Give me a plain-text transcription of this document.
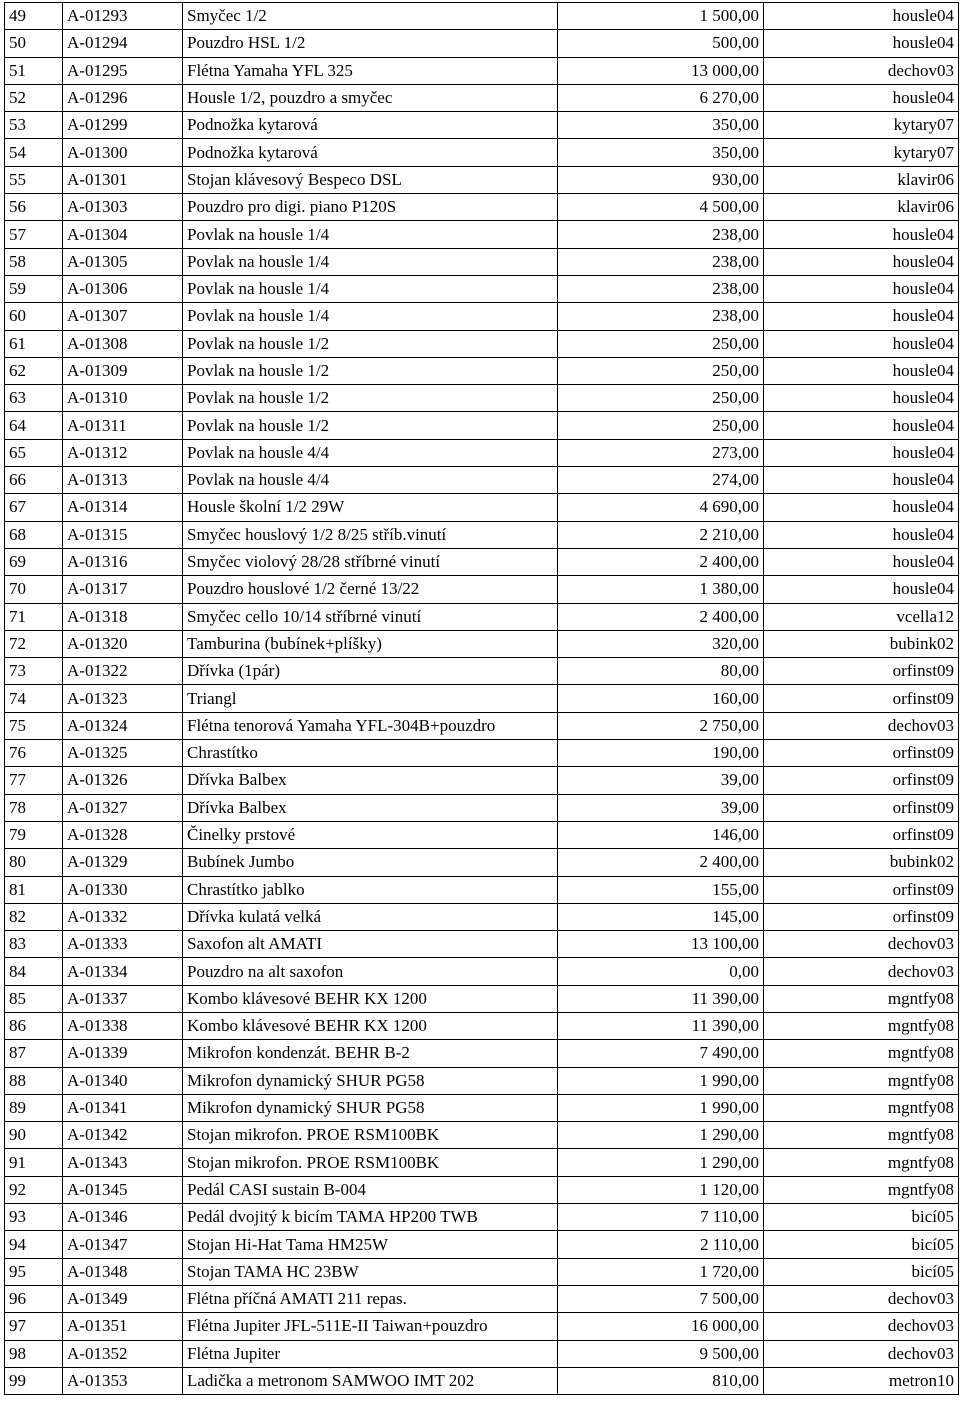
49	A-01293	Smyčec 1/2	1 500,00	housle04
50	A-01294	Pouzdro HSL 1/2	500,00	housle04
51	A-01295	Flétna Yamaha YFL 325	13 000,00	dechov03
52	A-01296	Housle 1/2, pouzdro a smyčec	6 270,00	housle04
53	A-01299	Podnožka kytarová	350,00	kytary07
54	A-01300	Podnožka kytarová	350,00	kytary07
55	A-01301	Stojan klávesový Bespeco DSL	930,00	klavir06
56	A-01303	Pouzdro pro digi. piano P120S	4 500,00	klavir06
57	A-01304	Povlak na housle 1/4	238,00	housle04
58	A-01305	Povlak na housle 1/4	238,00	housle04
59	A-01306	Povlak na housle 1/4	238,00	housle04
60	A-01307	Povlak na housle 1/4	238,00	housle04
61	A-01308	Povlak na housle 1/2	250,00	housle04
62	A-01309	Povlak na housle 1/2	250,00	housle04
63	A-01310	Povlak na housle 1/2	250,00	housle04
64	A-01311	Povlak na housle 1/2	250,00	housle04
65	A-01312	Povlak na housle 4/4	273,00	housle04
66	A-01313	Povlak na housle 4/4	274,00	housle04
67	A-01314	Housle školní 1/2 29W	4 690,00	housle04
68	A-01315	Smyčec houslový 1/2 8/25 stříb.vinutí	2 210,00	housle04
69	A-01316	Smyčec violový 28/28 stříbrné vinutí	2 400,00	housle04
70	A-01317	Pouzdro houslové 1/2 černé 13/22	1 380,00	housle04
71	A-01318	Smyčec cello 10/14 stříbrné vinutí	2 400,00	vcella12
72	A-01320	Tamburina (bubínek+plíšky)	320,00	bubink02
73	A-01322	Dřívka (1pár)	80,00	orfinst09
74	A-01323	Triangl	160,00	orfinst09
75	A-01324	Flétna tenorová Yamaha YFL-304B+pouzdro	2 750,00	dechov03
76	A-01325	Chrastítko	190,00	orfinst09
77	A-01326	Dřívka Balbex	39,00	orfinst09
78	A-01327	Dřívka Balbex	39,00	orfinst09
79	A-01328	Činelky prstové	146,00	orfinst09
80	A-01329	Bubínek Jumbo	2 400,00	bubink02
81	A-01330	Chrastítko jablko	155,00	orfinst09
82	A-01332	Dřívka kulatá velká	145,00	orfinst09
83	A-01333	Saxofon alt AMATI	13 100,00	dechov03
84	A-01334	Pouzdro na alt saxofon	0,00	dechov03
85	A-01337	Kombo klávesové BEHR KX 1200	11 390,00	mgntfy08
86	A-01338	Kombo klávesové BEHR KX 1200	11 390,00	mgntfy08
87	A-01339	Mikrofon kondenzát. BEHR B-2	7 490,00	mgntfy08
88	A-01340	Mikrofon dynamický SHUR PG58	1 990,00	mgntfy08
89	A-01341	Mikrofon dynamický SHUR PG58	1 990,00	mgntfy08
90	A-01342	Stojan mikrofon. PROE RSM100BK	1 290,00	mgntfy08
91	A-01343	Stojan mikrofon. PROE RSM100BK	1 290,00	mgntfy08
92	A-01345	Pedál CASI sustain B-004	1 120,00	mgntfy08
93	A-01346	Pedál dvojitý k bicím TAMA HP200 TWB	7 110,00	bicí05
94	A-01347	Stojan Hi-Hat Tama HM25W	2 110,00	bicí05
95	A-01348	Stojan TAMA HC 23BW	1 720,00	bicí05
96	A-01349	Flétna příčná AMATI 211 repas.	7 500,00	dechov03
97	A-01351	Flétna Jupiter JFL-511E-II Taiwan+pouzdro	16 000,00	dechov03
98	A-01352	Flétna Jupiter	9 500,00	dechov03
99	A-01353	Ladička a metronom SAMWOO IMT 202	810,00	metron10
